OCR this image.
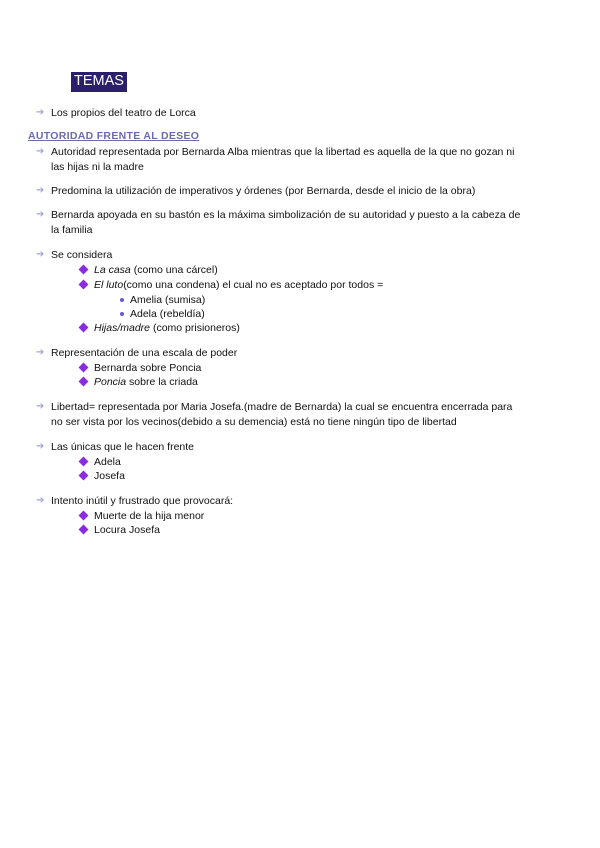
TEMAS
➔ Los propios del teatro de Lorca
AUTORIDAD FRENTE AL DESEO
➔ Autoridad representada por Bernarda Alba mientras que la libertad es aquella de la que no gozan ni las hijas ni la madre
➔ Predomina la utilización de imperativos y órdenes (por Bernarda, desde el inicio de la obra)
➔ Bernarda apoyada en su bastón es la máxima simbolización de su autoridad y puesto a la cabeza de la familia
➔ Se considera
La casa (como una cárcel)
El luto(como una condena) el cual no es aceptado por todos =
Amelia (sumisa)
Adela (rebeldía)
Hijas/madre (como prisioneros)
➔ Representación de una escala de poder
Bernarda sobre Poncia
Poncia sobre la criada
➔ Libertad= representada por Maria Josefa.(madre de Bernarda) la cual se encuentra encerrada para no ser vista por los vecinos(debido a su demencia) está no tiene ningún tipo de libertad
➔ Las únicas que le hacen frente
Adela
Josefa
➔ Intento inútil y frustrado que provocará:
Muerte de la hija menor
Locura Josefa
